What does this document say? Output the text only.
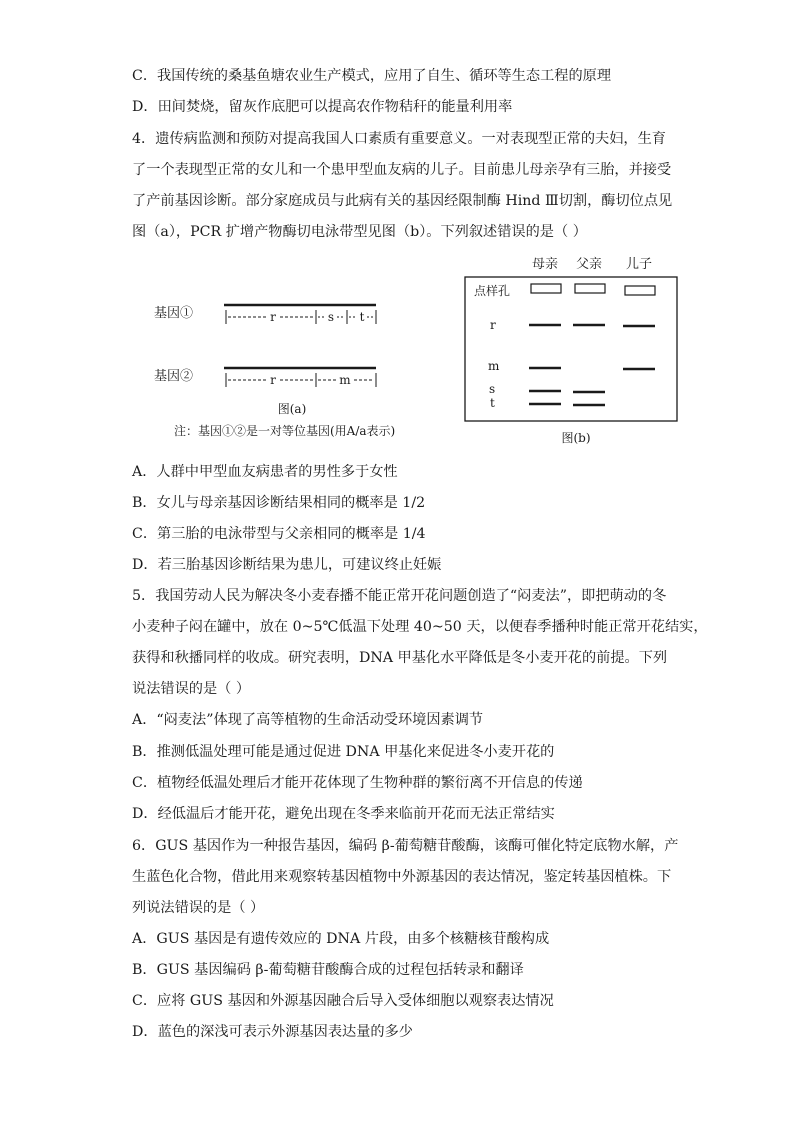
C．我国传统的桑基鱼塘农业生产模式，应用了自生、循环等生态工程的原理
D．田间焚烧，留灰作底肥可以提高农作物秸秆的能量利用率
4．遗传病监测和预防对提高我国人口素质有重要意义。一对表现型正常的夫妇，生育
了一个表现型正常的女儿和一个患甲型血友病的儿子。目前患儿母亲孕有三胎，并接受
了产前基因诊断。部分家庭成员与此病有关的基因经限制酶 Hind Ⅲ切割，酶切位点见
图（a），PCR 扩增产物酶切电泳带型见图（b）。下列叙述错误的是（ ）
基因①	r	s t
基因②	r	m
图(a)
注：基因①②是一对等位基因(用A/a表示)
母亲 父亲 儿子
点样孔
r
m
s
t
图(b)
A．人群中甲型血友病患者的男性多于女性
B．女儿与母亲基因诊断结果相同的概率是 1/2
C．第三胎的电泳带型与父亲相同的概率是 1/4
D．若三胎基因诊断结果为患儿，可建议终止妊娠
5．我国劳动人民为解决冬小麦春播不能正常开花问题创造了“闷麦法”，即把萌动的冬
小麦种子闷在罐中，放在 0~5℃低温下处理 40~50 天，以便春季播种时能正常开花结实，
获得和秋播同样的收成。研究表明，DNA 甲基化水平降低是冬小麦开花的前提。下列
说法错误的是（ ）
A．“闷麦法”体现了高等植物的生命活动受环境因素调节
B．推测低温处理可能是通过促进 DNA 甲基化来促进冬小麦开花的
C．植物经低温处理后才能开花体现了生物种群的繁衍离不开信息的传递
D．经低温后才能开花，避免出现在冬季来临前开花而无法正常结实
6．GUS 基因作为一种报告基因，编码 β-葡萄糖苷酸酶，该酶可催化特定底物水解，产
生蓝色化合物，借此用来观察转基因植物中外源基因的表达情况，鉴定转基因植株。下
列说法错误的是（ ）
A．GUS 基因是有遗传效应的 DNA 片段，由多个核糖核苷酸构成
B．GUS 基因编码 β-葡萄糖苷酸酶合成的过程包括转录和翻译
C．应将 GUS 基因和外源基因融合后导入受体细胞以观察表达情况
D．蓝色的深浅可表示外源基因表达量的多少
